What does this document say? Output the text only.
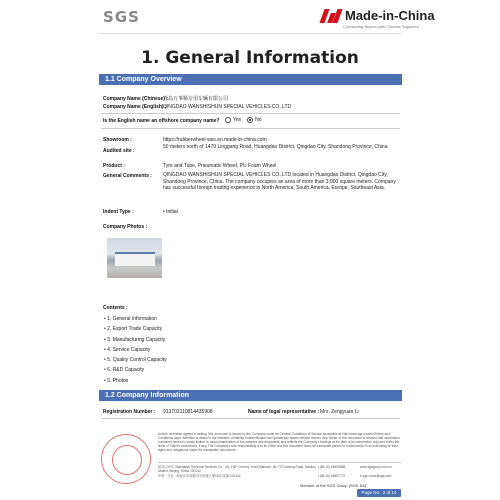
SGS	Made-in-China
Connecting Buyers with Chinese Suppliers
1. General Information
1.1 Company Overview
Company Name (Chinese) :
青岛万事顺专用车辆有限公司
Company Name (English) :
QINGDAO WANSHISHUN SPECIAL VEHICLES CO.,LTD
Is the English name an offshore company name?	Yes	No
Showroom :	https://rubberwheel-wss.en.made-in-china.com
Audited site :
50 meters north of 1479 Linggang Road, Huangdao District, Qingdao City, Shandong Province, China
Product :	Tyre and Tube, Pneumatic Wheel, PU Foam Wheel
General Comments : QINGDAO WANSHISHUN SPECIAL VEHICLES CO.,LTD located in Huangdao District, Qingdao City, Shandong Province, China. The company occupies an area of more than 3,000 square meters. Company has successful foreign trading experience in North America, South America, Europe, Southeast Asia.
Indent Type :	• Initial
Company Photos :
Contents :
• 1. General Information
• 2. Export Trade Capacity
• 3. Manufacturing Capacity
• 4. Service Capacity
• 5. Quality Control Capacity
• 6. R&D Capacity
• 9. Photos
1.2 Company Information
Registration Number : 913702110814435908	Name of legal representative : Mrs. Zengyuan Li
Unless otherwise agreed in writing, this document is issued by the Company under its General Conditions of Service accessible at http://www.sgs.com/en/Terms-and-Conditions.aspx. Attention is drawn to the limitation of liability, indemnification and jurisdiction issues defined therein. Any holder of this document is advised that information contained hereon is solely limited to visual examination of the samples and documents and reflects the Company's findings at the time of its intervention only and within the limits of Client's instructions, if any. The Company's sole responsibility is to its Client and this document does not exonerate parties to a transaction from exercising all their rights and obligations under the transaction documents.
SGS-CSTC Standards Technical Services Co., Ltd. 16/F Century Yuhui Mansion, No.73 Fucheng Road, Haidian District, Beijing, China 100142
中国 · 北京 · 海淀区阜成路73号裕惠大厦16层 邮编 100142
t (86-10) 68450688
f (86-10) 68457772
www.sgsgroup.com.cn
e sgs.china@sgs.com
Member of the SGS Group (SGS SA)
Page No.: 2 of 14
